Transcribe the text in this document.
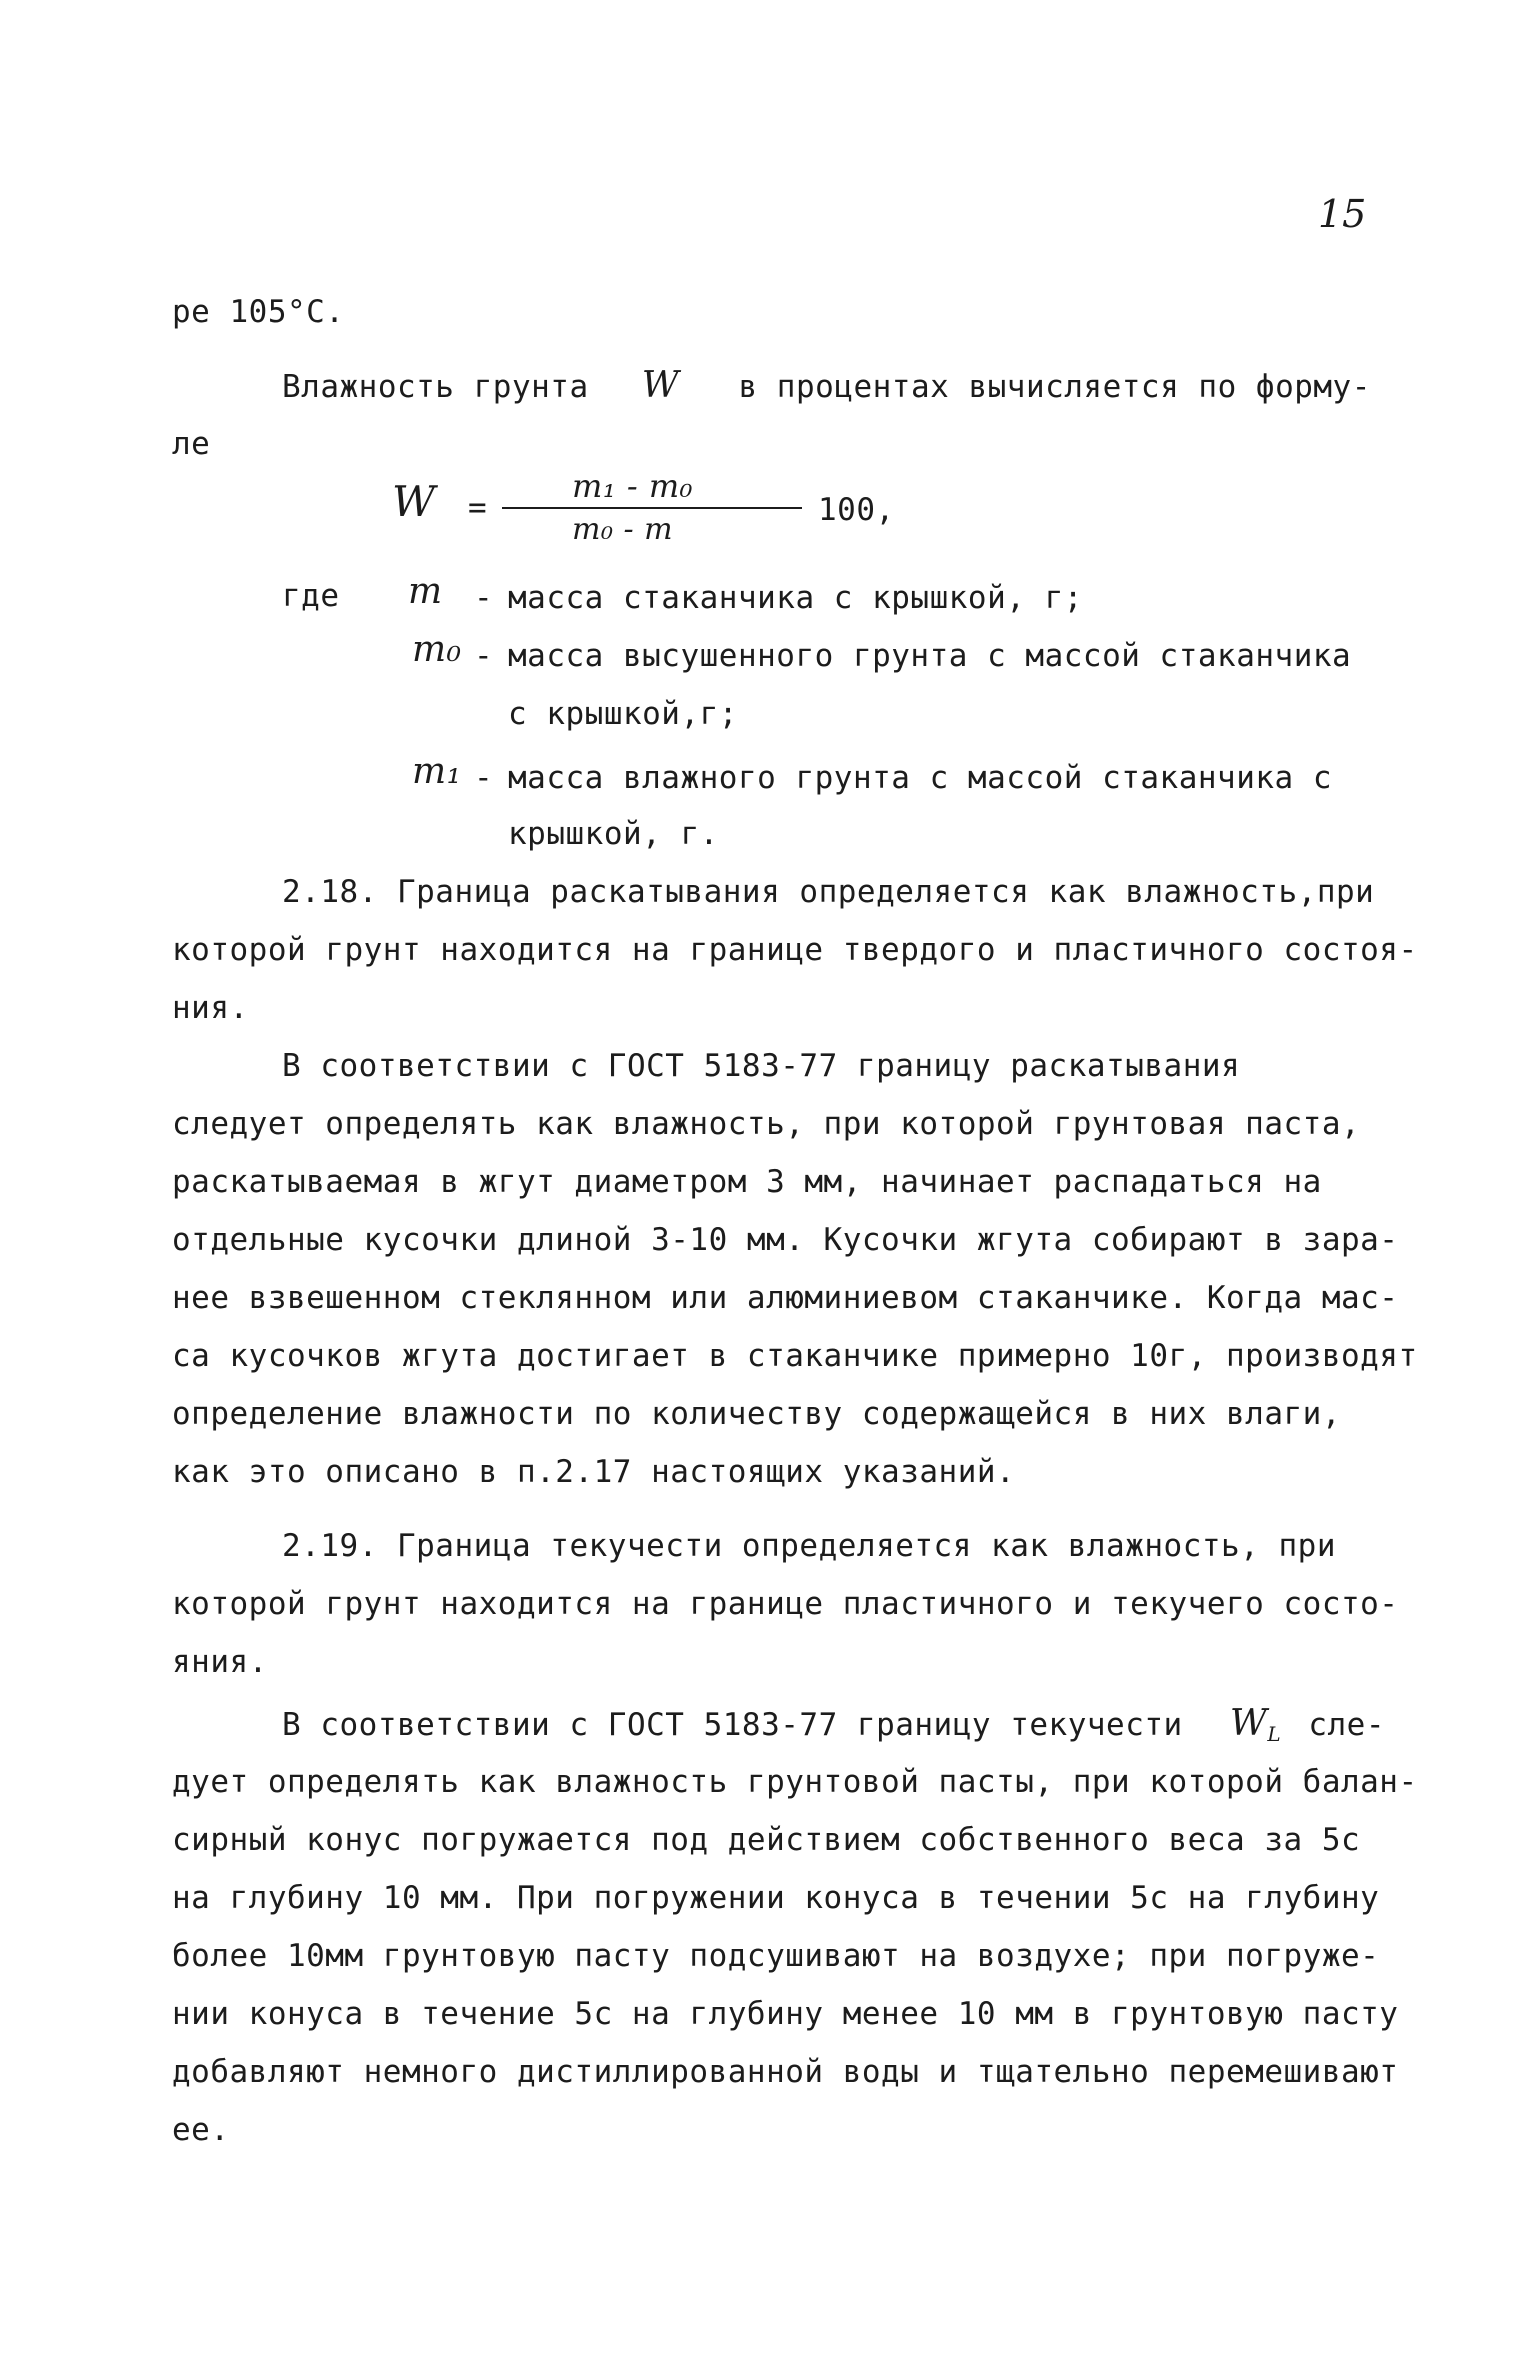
15
ре 105°С.
Влажность грунта W в процентах вычисляется по форму-
ле
W =
m₁ - m₀
m₀ - m
100,
где m - масса стаканчика с крышкой, г;
m₀ - масса высушенного грунта с массой стаканчика
с крышкой,г;
m₁ - масса влажного грунта с массой стаканчика с
крышкой, г.
2.18. Граница раскатывания определяется как влажность,при
которой грунт находится на границе твердого и пластичного состоя-
ния.
В соответствии с ГОСТ 5183-77 границу раскатывания
следует определять как влажность, при которой грунтовая паста,
раскатываемая в жгут диаметром 3 мм, начинает распадаться на
отдельные кусочки длиной 3-10 мм. Кусочки жгута собирают в зара-
нее взвешенном стеклянном или алюминиевом стаканчике. Когда мас-
са кусочков жгута достигает в стаканчике примерно 10г, производят
определение влажности по количеству содержащейся в них влаги,
как это описано в п.2.17 настоящих указаний.
2.19. Граница текучести определяется как влажность, при
которой грунт находится на границе пластичного и текучего состо-
яния.
В соответствии с ГОСТ 5183-77 границу текучести $W_L$ сле-
дует определять как влажность грунтовой пасты, при которой балан-
сирный конус погружается под действием собственного веса за 5с
на глубину 10 мм. При погружении конуса в течении 5с на глубину
более 10мм грунтовую пасту подсушивают на воздухе; при погруже-
нии конуса в течение 5с на глубину менее 10 мм в грунтовую пасту
добавляют немного дистиллированной воды и тщательно перемешивают
ее.
